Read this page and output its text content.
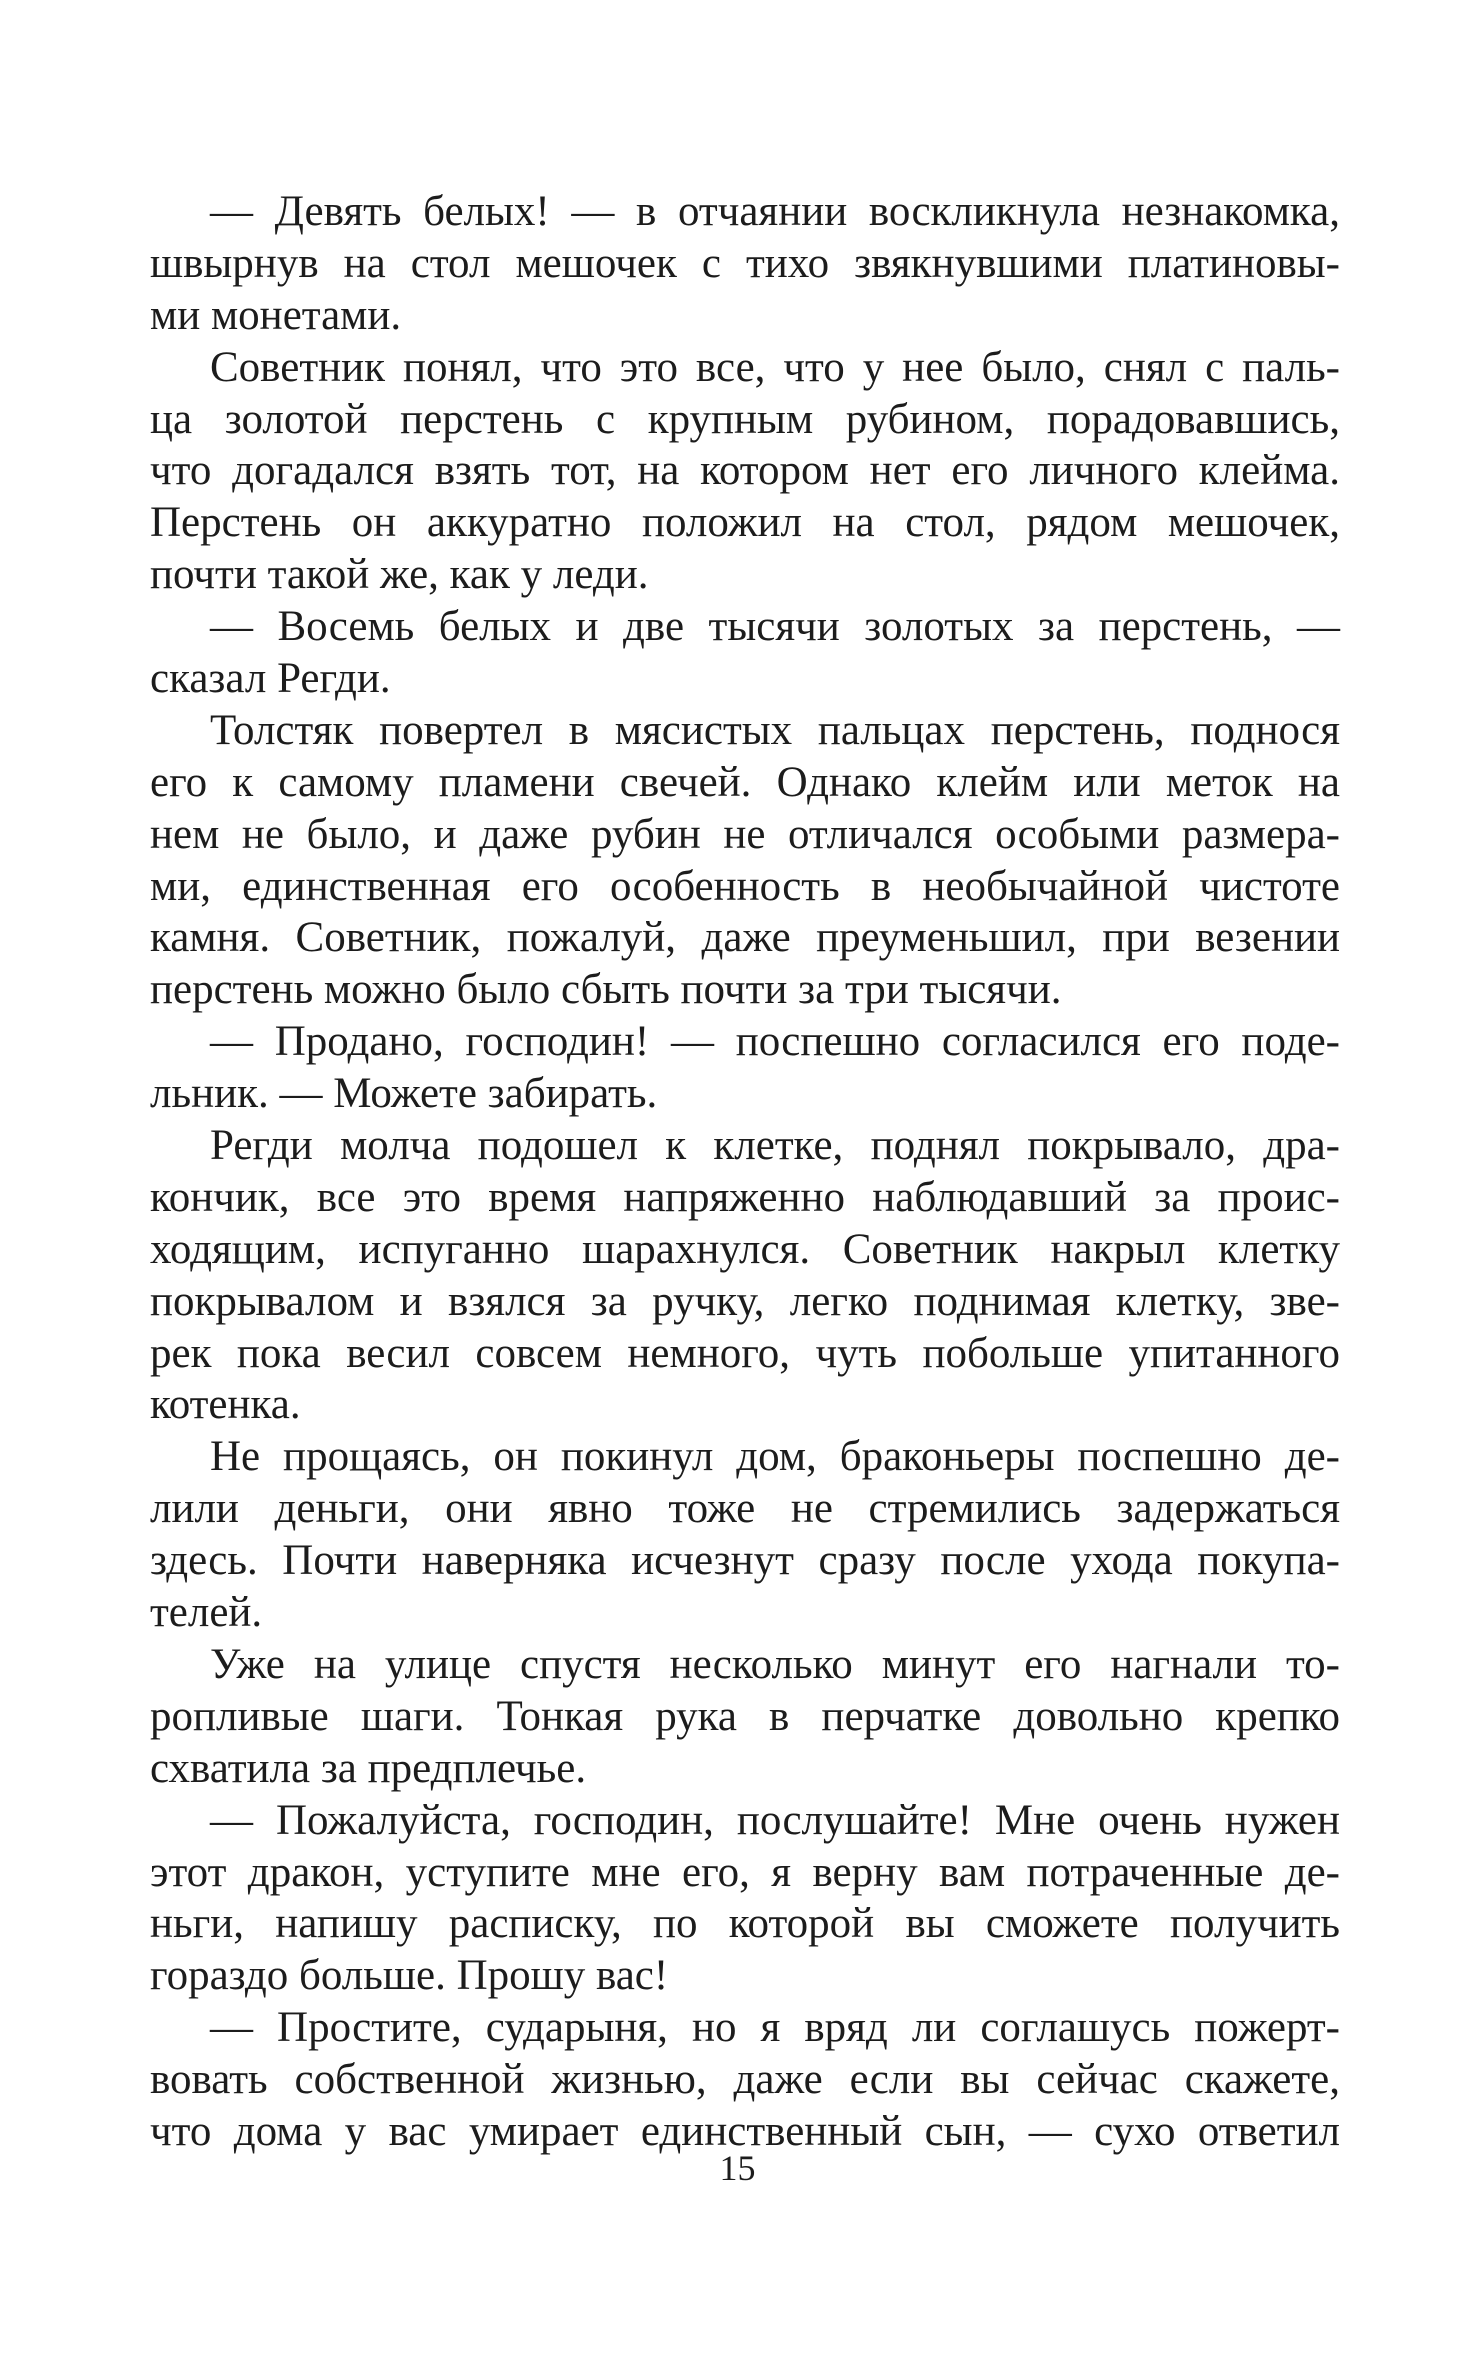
— Девять белых! — в отчаянии воскликнула незнакомка,
швырнув на стол мешочек с тихо звякнувшими платиновы-
ми монетами.
Советник понял, что это все, что у нее было, снял с паль-
ца золотой перстень с крупным рубином, порадовавшись,
что догадался взять тот, на котором нет его личного клейма.
Перстень он аккуратно положил на стол, рядом мешочек,
почти такой же, как у леди.
— Восемь белых и две тысячи золотых за перстень, —
сказал Регди.
Толстяк повертел в мясистых пальцах перстень, поднося
его к самому пламени свечей. Однако клейм или меток на
нем не было, и даже рубин не отличался особыми размера-
ми, единственная его особенность в необычайной чистоте
камня. Советник, пожалуй, даже преуменьшил, при везении
перстень можно было сбыть почти за три тысячи.
— Продано, господин! — поспешно согласился его поде-
льник. — Можете забирать.
Регди молча подошел к клетке, поднял покрывало, дра-
кончик, все это время напряженно наблюдавший за проис-
ходящим, испуганно шарахнулся. Советник накрыл клетку
покрывалом и взялся за ручку, легко поднимая клетку, зве-
рек пока весил совсем немного, чуть побольше упитанного
котенка.
Не прощаясь, он покинул дом, браконьеры поспешно де-
лили деньги, они явно тоже не стремились задержаться
здесь. Почти наверняка исчезнут сразу после ухода покупа-
телей.
Уже на улице спустя несколько минут его нагнали то-
ропливые шаги. Тонкая рука в перчатке довольно крепко
схватила за предплечье.
— Пожалуйста, господин, послушайте! Мне очень нужен
этот дракон, уступите мне его, я верну вам потраченные де-
ньги, напишу расписку, по которой вы сможете получить
гораздо больше. Прошу вас!
— Простите, сударыня, но я вряд ли соглашусь пожерт-
вовать собственной жизнью, даже если вы сейчас скажете,
что дома у вас умирает единственный сын, — сухо ответил
15
